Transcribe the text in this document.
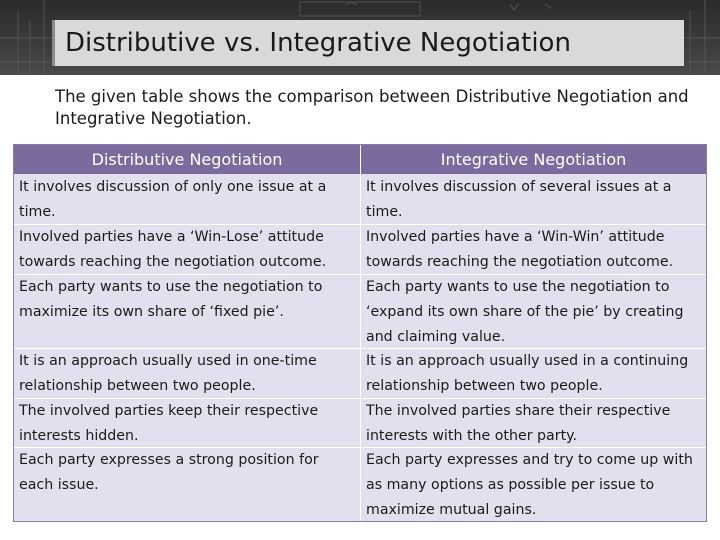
Distributive vs. Integrative Negotiation
The given table shows the comparison between Distributive Negotiation and
Integrative Negotiation.
Distributive Negotiation	Integrative Negotiation
It involves discussion of only one issue at a
time.
It involves discussion of several issues at a
time.
Involved parties have a ‘Win-Lose’ attitude
towards reaching the negotiation outcome.
Involved parties have a ‘Win-Win’ attitude
towards reaching the negotiation outcome.
Each party wants to use the negotiation to
maximize its own share of ‘fixed pie’.
Each party wants to use the negotiation to
‘expand its own share of the pie’ by creating
and claiming value.
It is an approach usually used in one-time
relationship between two people.
It is an approach usually used in a continuing
relationship between two people.
The involved parties keep their respective
interests hidden.
The involved parties share their respective
interests with the other party.
Each party expresses a strong position for
each issue.
Each party expresses and try to come up with
as many options as possible per issue to
maximize mutual gains.
